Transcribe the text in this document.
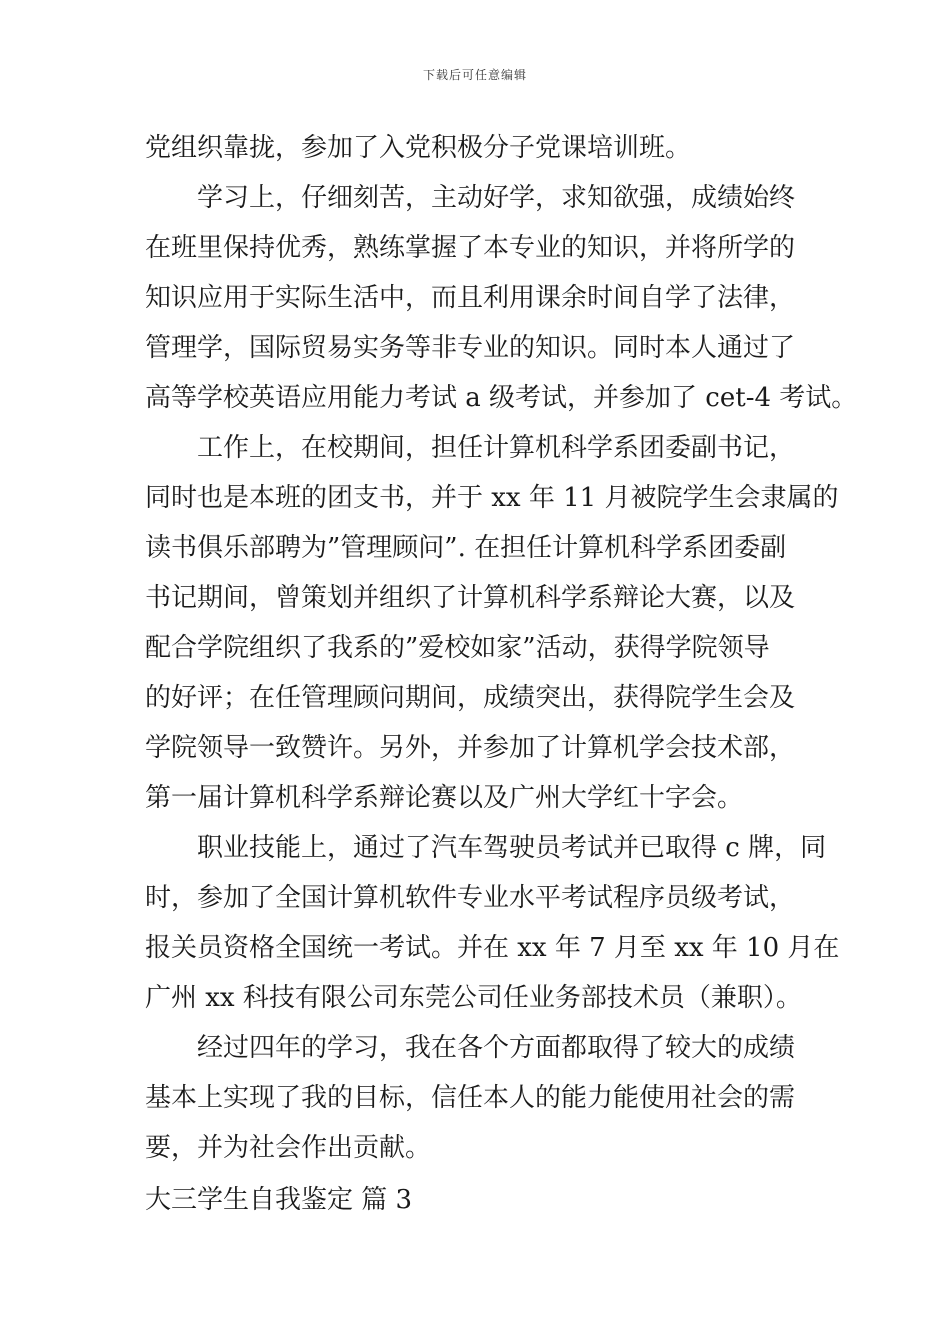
下载后可任意编辑
党组织靠拢，参加了入党积极分子党课培训班。
学习上，仔细刻苦，主动好学，求知欲强，成绩始终
在班里保持优秀，熟练掌握了本专业的知识，并将所学的
知识应用于实际生活中，而且利用课余时间自学了法律，
管理学，国际贸易实务等非专业的知识。同时本人通过了
高等学校英语应用能力考试 a 级考试，并参加了 cet-4 考试。
工作上，在校期间，担任计算机科学系团委副书记，
同时也是本班的团支书，并于 xx 年 11 月被院学生会隶属的
读书俱乐部聘为”管理顾问”. 在担任计算机科学系团委副
书记期间，曾策划并组织了计算机科学系辩论大赛，以及
配合学院组织了我系的”爱校如家”活动，获得学院领导
的好评；在任管理顾问期间，成绩突出，获得院学生会及
学院领导一致赞许。另外，并参加了计算机学会技术部，
第一届计算机科学系辩论赛以及广州大学红十字会。
职业技能上，通过了汽车驾驶员考试并已取得 c 牌，同
时，参加了全国计算机软件专业水平考试程序员级考试，
报关员资格全国统一考试。并在 xx 年 7 月至 xx 年 10 月在
广州 xx 科技有限公司东莞公司任业务部技术员（兼职）。
经过四年的学习，我在各个方面都取得了较大的成绩
基本上实现了我的目标，信任本人的能力能使用社会的需
要，并为社会作出贡献。
大三学生自我鉴定 篇 3
